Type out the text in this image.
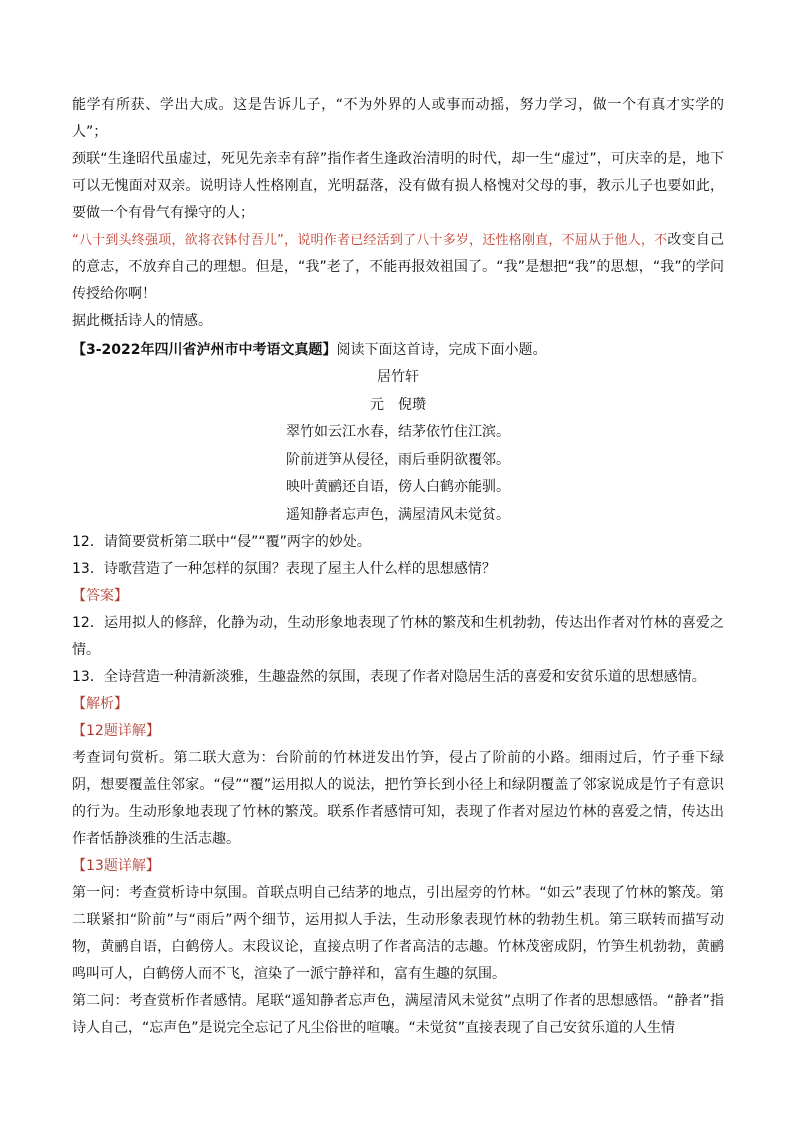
能学有所获、学出大成。这是告诉儿子，“不为外界的人或事而动摇，努力学习，做一个有真才实学的人”；

颈联“生逢昭代虽虚过，死见先亲幸有辞”指作者生逢政治清明的时代，却一生“虚过”，可庆幸的是，地下可以无愧面对双亲。说明诗人性格刚直，光明磊落，没有做有损人格愧对父母的事，教示儿子也要如此，要做一个有骨气有操守的人；

“八十到头终强项，欲将衣钵付吾儿”，说明作者已经活到了八十多岁，还性格刚直，不屈从于他人，不改变自己的意志，不放弃自己的理想。但是，“我”老了，不能再报效祖国了。“我”是想把“我”的思想，“我”的学问传授给你啊！

据此概括诗人的情感。

【3-2022年四川省泸州市中考语文真题】阅读下面这首诗，完成下面小题。

居竹轩

元　倪瓒

翠竹如云江水春，结茅依竹住江滨。

阶前迸笋从侵径，雨后垂阴欲覆邻。

映叶黄鹂还自语，傍人白鹤亦能驯。

遥知静者忘声色，满屋清风未觉贫。

12．请简要赏析第二联中“侵”“覆”两字的妙处。

13．诗歌营造了一种怎样的氛围？表现了屋主人什么样的思想感情？

【答案】

12．运用拟人的修辞，化静为动，生动形象地表现了竹林的繁茂和生机勃勃，传达出作者对竹林的喜爱之情。

13．全诗营造一种清新淡雅，生趣盎然的氛围，表现了作者对隐居生活的喜爱和安贫乐道的思想感情。

【解析】

【12题详解】

考查词句赏析。第二联大意为：台阶前的竹林迸发出竹笋，侵占了阶前的小路。细雨过后，竹子垂下绿阴，想要覆盖住邻家。“侵”“覆”运用拟人的说法，把竹笋长到小径上和绿阴覆盖了邻家说成是竹子有意识的行为。生动形象地表现了竹林的繁茂。联系作者感情可知，表现了作者对屋边竹林的喜爱之情，传达出作者恬静淡雅的生活志趣。

【13题详解】

第一问：考查赏析诗中氛围。首联点明自己结茅的地点，引出屋旁的竹林。“如云”表现了竹林的繁茂。第二联紧扣“阶前”与“雨后”两个细节，运用拟人手法，生动形象表现竹林的勃勃生机。第三联转而描写动物，黄鹂自语，白鹤傍人。末段议论，直接点明了作者高洁的志趣。竹林茂密成阴，竹笋生机勃勃，黄鹂鸣叫可人，白鹤傍人而不飞，渲染了一派宁静祥和，富有生趣的氛围。

第二问：考查赏析作者感情。尾联“遥知静者忘声色，满屋清风未觉贫”点明了作者的思想感悟。“静者”指诗人自己，“忘声色”是说完全忘记了凡尘俗世的喧嚷。“未觉贫”直接表现了自己安贫乐道的人生情
